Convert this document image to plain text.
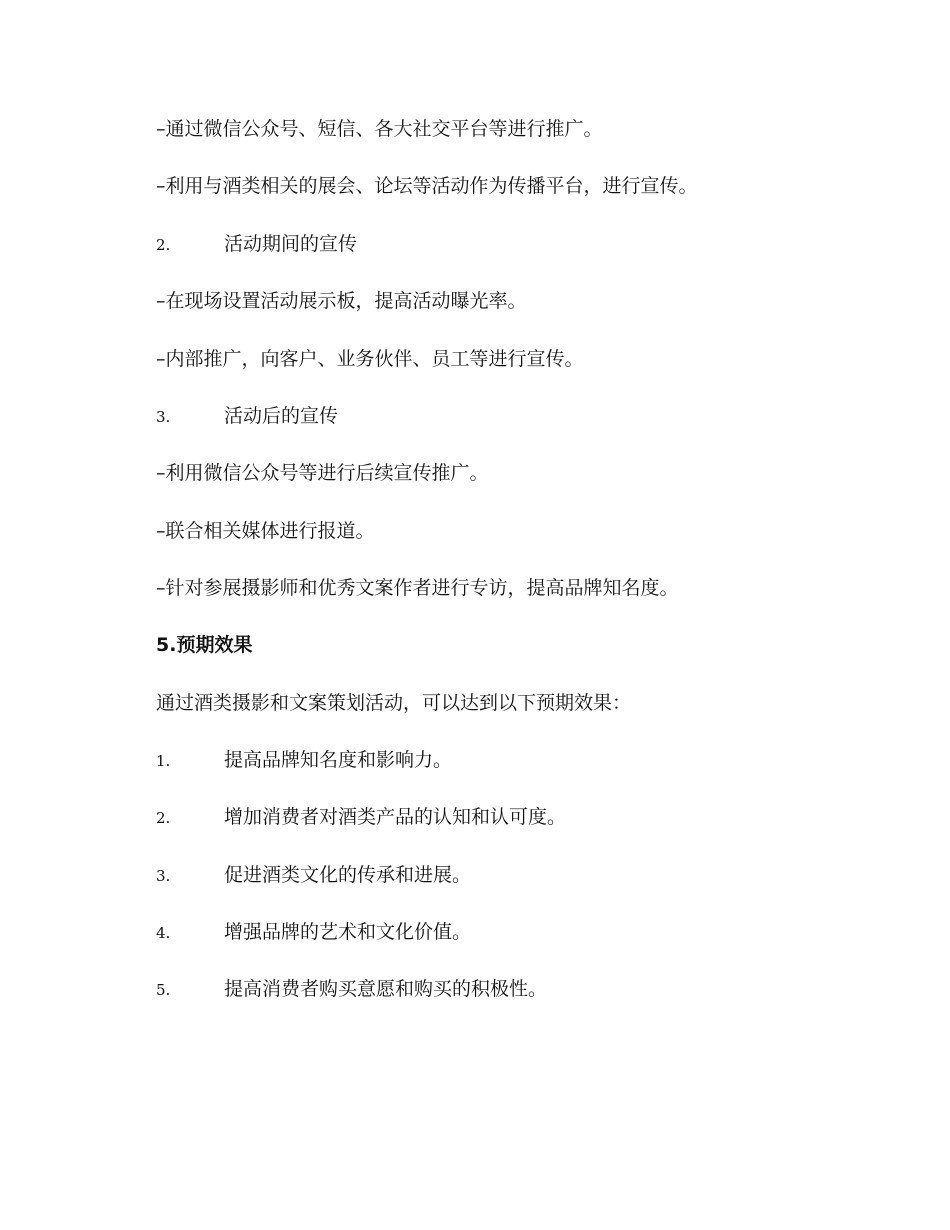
–通过微信公众号、短信、各大社交平台等进行推广。
–利用与酒类相关的展会、论坛等活动作为传播平台，进行宣传。
2.	活动期间的宣传
–在现场设置活动展示板，提高活动曝光率。
–内部推广，向客户、业务伙伴、员工等进行宣传。
3.	活动后的宣传
–利用微信公众号等进行后续宣传推广。
–联合相关媒体进行报道。
–针对参展摄影师和优秀文案作者进行专访，提高品牌知名度。
5.预期效果
通过酒类摄影和文案策划活动，可以达到以下预期效果：
1.	提高品牌知名度和影响力。
2.	增加消费者对酒类产品的认知和认可度。
3.	促进酒类文化的传承和进展。
4.	增强品牌的艺术和文化价值。
5.	提高消费者购买意愿和购买的积极性。
